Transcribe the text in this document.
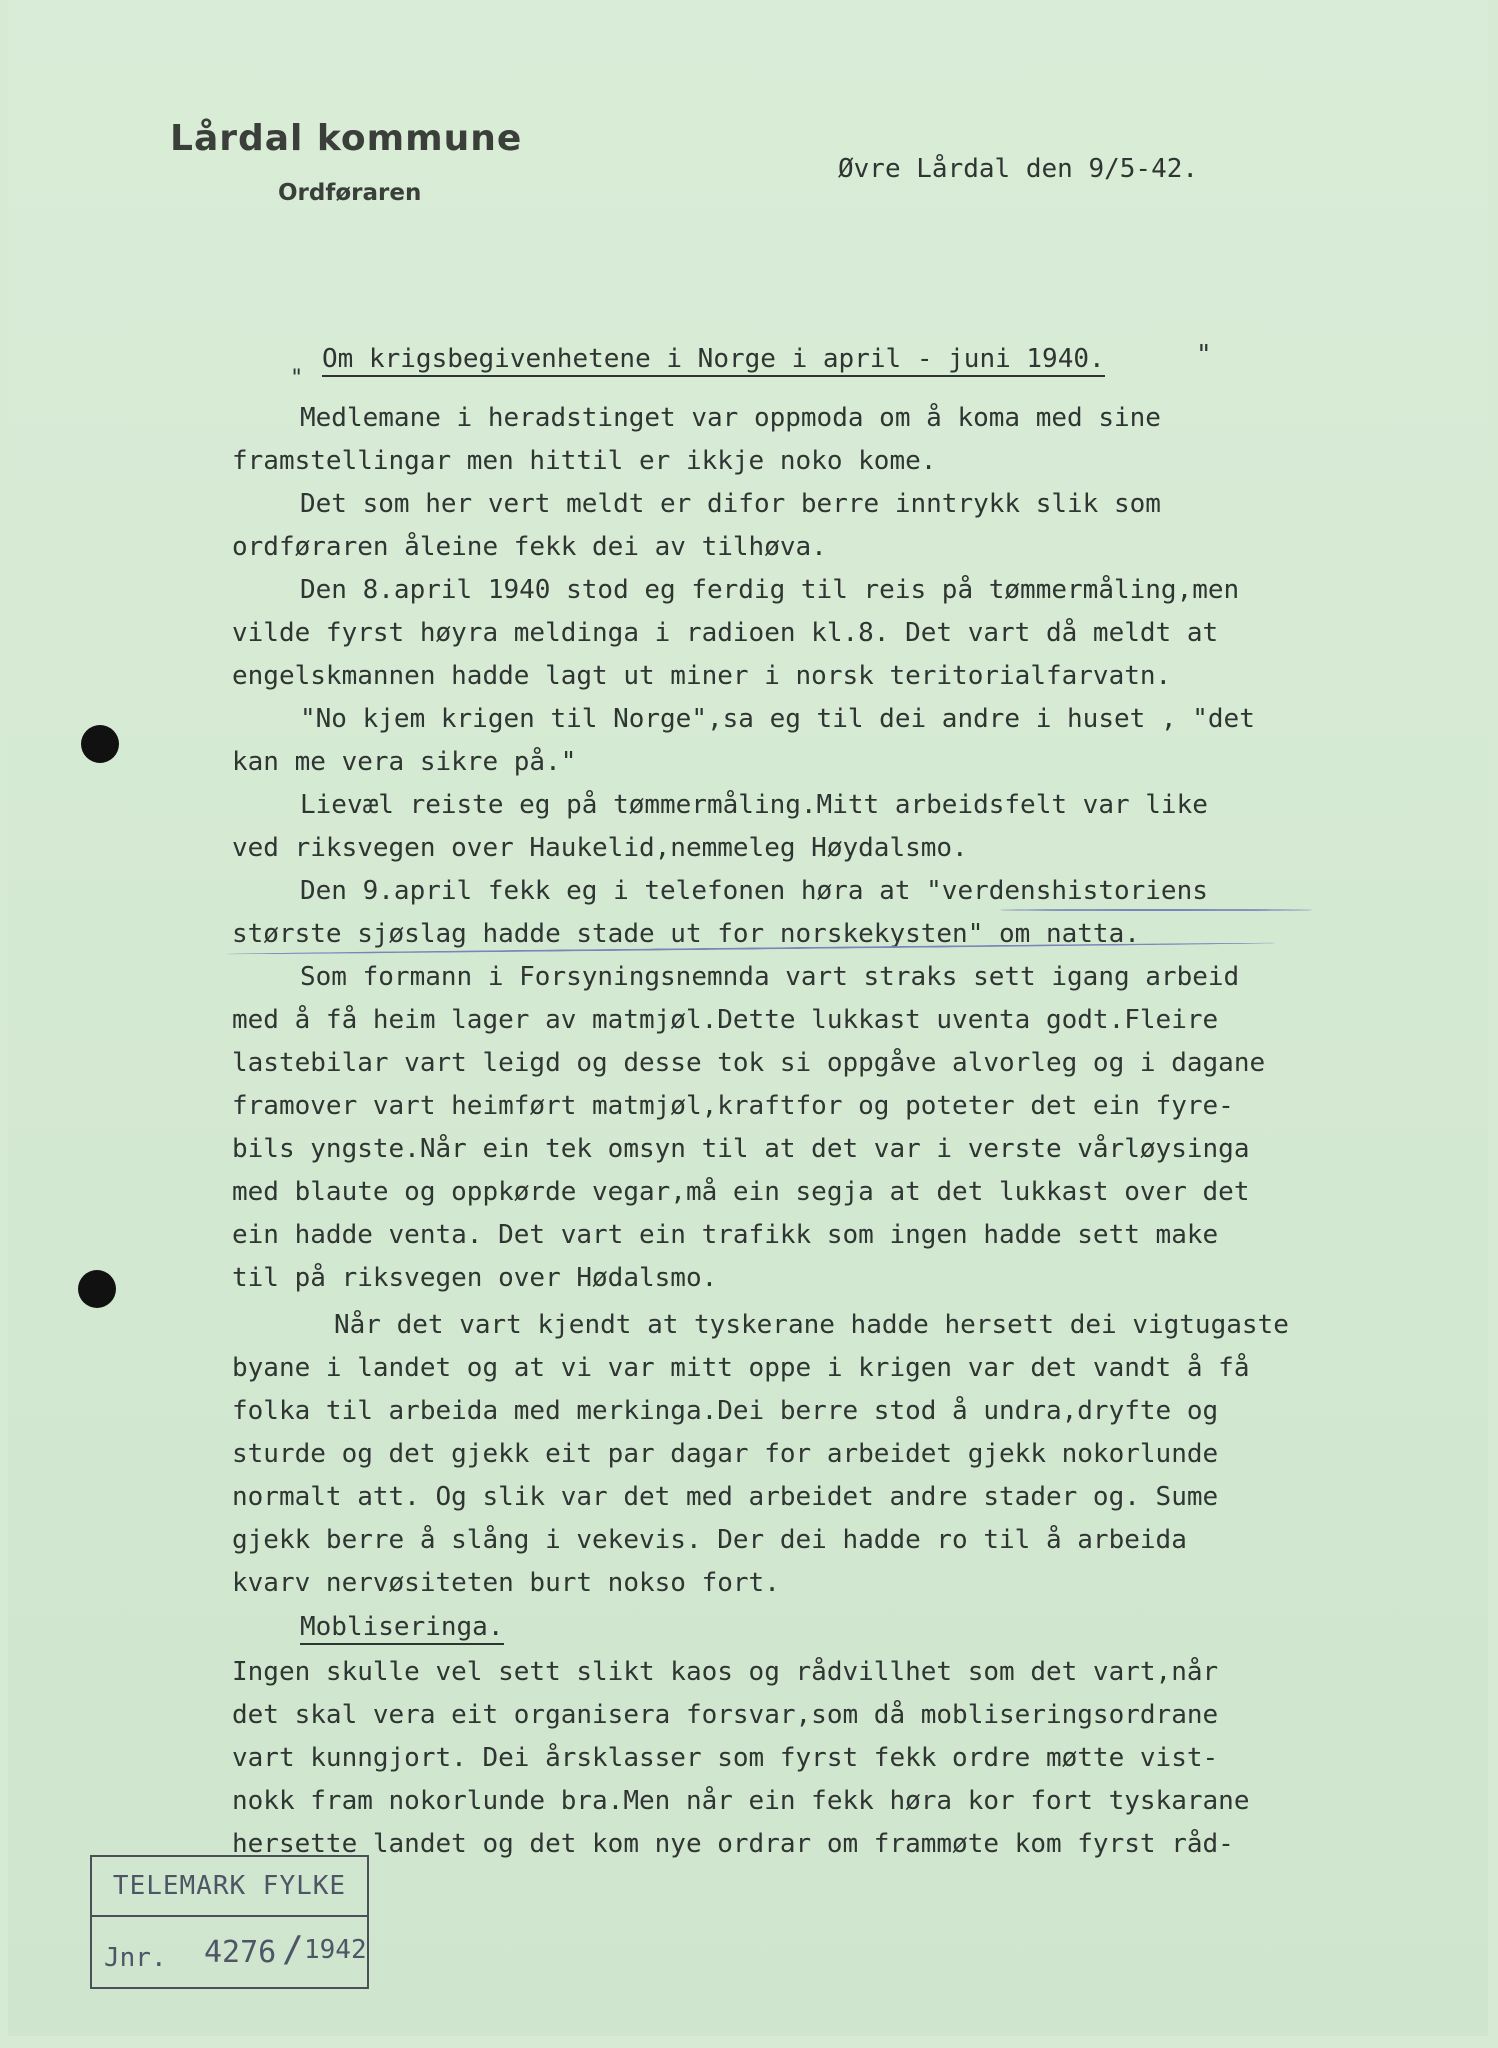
Lårdal kommune
Ordføraren
Øvre Lårdal den 9/5-42.
Om krigsbegivenhetene i Norge i april - juni 1940.	"
"
Medlemane i heradstinget var oppmoda om å koma med sine
framstellingar men hittil er ikkje noko kome.
Det som her vert meldt er difor berre inntrykk slik som
ordføraren åleine fekk dei av tilhøva.
Den 8.april 1940 stod eg ferdig til reis på tømmermåling,men
vilde fyrst høyra meldinga i radioen kl.8. Det vart då meldt at
engelskmannen hadde lagt ut miner i norsk teritorialfarvatn.
"No kjem krigen til Norge",sa eg til dei andre i huset , "det
kan me vera sikre på."
Lievæl reiste eg på tømmermåling.Mitt arbeidsfelt var like
ved riksvegen over Haukelid,nemmeleg Høydalsmo.
Den 9.april fekk eg i telefonen høra at "verdenshistoriens
største sjøslag hadde stade ut for norskekysten" om natta.
Som formann i Forsyningsnemnda vart straks sett igang arbeid
med å få heim lager av matmjøl.Dette lukkast uventa godt.Fleire
lastebilar vart leigd og desse tok si oppgåve alvorleg og i dagane
framover vart heimført matmjøl,kraftfor og poteter det ein fyre-
bils yngste.Når ein tek omsyn til at det var i verste vårløysinga
med blaute og oppkørde vegar,må ein segja at det lukkast over det
ein hadde venta. Det vart ein trafikk som ingen hadde sett make
til på riksvegen over Hødalsmo.
Når det vart kjendt at tyskerane hadde hersett dei vigtugaste
byane i landet og at vi var mitt oppe i krigen var det vandt å få
folka til arbeida med merkinga.Dei berre stod å undra,dryfte og
sturde og det gjekk eit par dagar for arbeidet gjekk nokorlunde
normalt att. Og slik var det med arbeidet andre stader og. Sume
gjekk berre å slång i vekevis. Der dei hadde ro til å arbeida
kvarv nervøsiteten burt nokso fort.
Mobliseringa.
Ingen skulle vel sett slikt kaos og rådvillhet som det vart,når
det skal vera eit organisera forsvar,som då mobliseringsordrane
vart kunngjort. Dei årsklasser som fyrst fekk ordre møtte vist-
nokk fram nokorlunde bra.Men når ein fekk høra kor fort tyskarane
hersette landet og det kom nye ordrar om frammøte kom fyrst råd-
TELEMARK FYLKE
Jnr. 4276 / 1942
